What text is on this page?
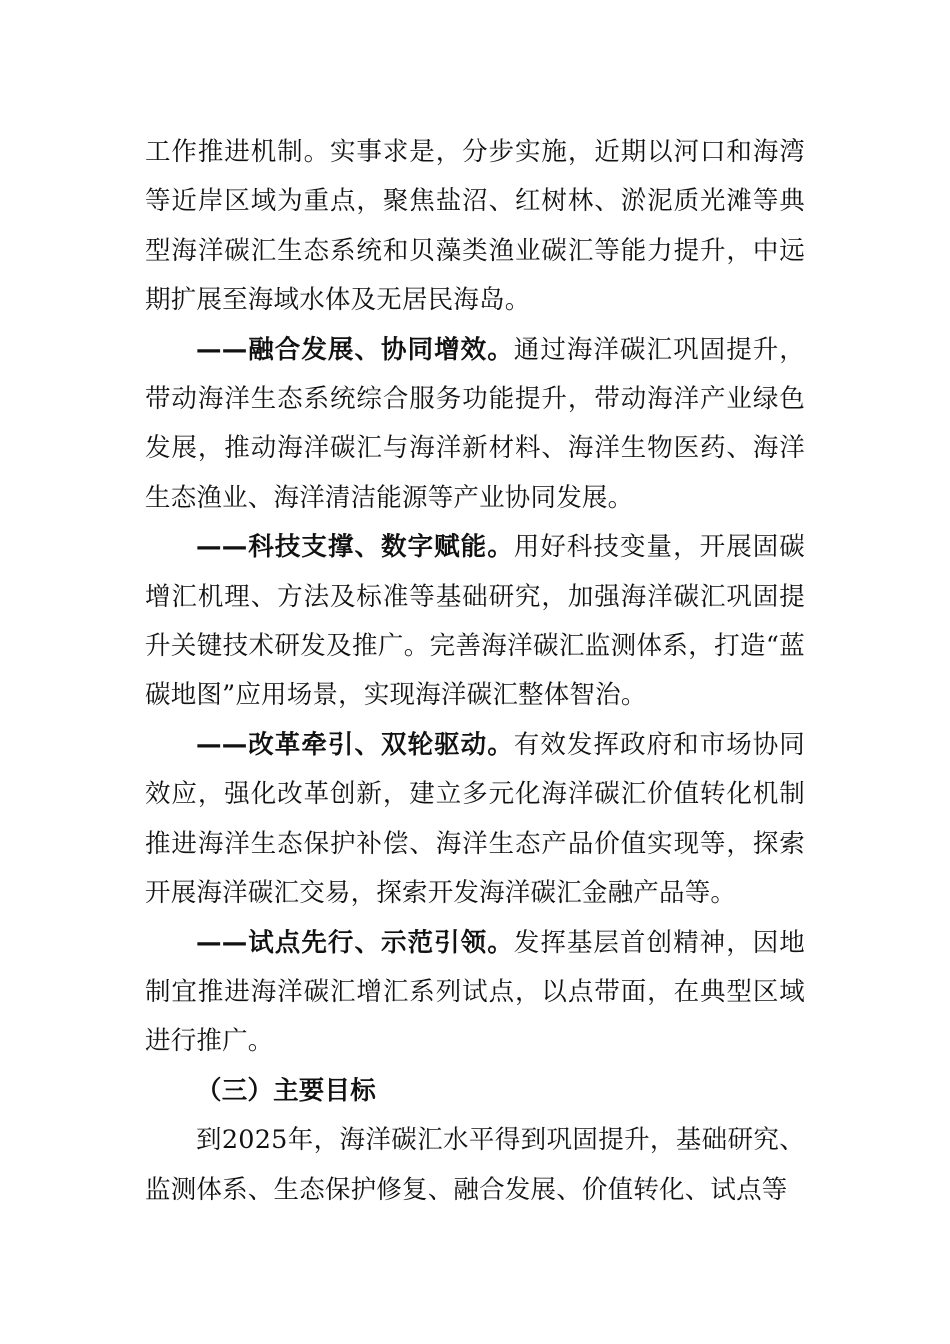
工作推进机制。实事求是，分步实施，近期以河口和海湾等近岸区域为重点，聚焦盐沼、红树林、淤泥质光滩等典型海洋碳汇生态系统和贝藻类渔业碳汇等能力提升，中远期扩展至海域水体及无居民海岛。

——融合发展、协同增效。通过海洋碳汇巩固提升，带动海洋生态系统综合服务功能提升，带动海洋产业绿色发展，推动海洋碳汇与海洋新材料、海洋生物医药、海洋生态渔业、海洋清洁能源等产业协同发展。

——科技支撑、数字赋能。用好科技变量，开展固碳增汇机理、方法及标准等基础研究，加强海洋碳汇巩固提升关键技术研发及推广。完善海洋碳汇监测体系，打造“蓝碳地图”应用场景，实现海洋碳汇整体智治。

——改革牵引、双轮驱动。有效发挥政府和市场协同效应，强化改革创新，建立多元化海洋碳汇价值转化机制推进海洋生态保护补偿、海洋生态产品价值实现等，探索开展海洋碳汇交易，探索开发海洋碳汇金融产品等。

——试点先行、示范引领。发挥基层首创精神，因地制宜推进海洋碳汇增汇系列试点，以点带面，在典型区域进行推广。

（三）主要目标

到2025年，海洋碳汇水平得到巩固提升，基础研究、监测体系、生态保护修复、融合发展、价值转化、试点等
